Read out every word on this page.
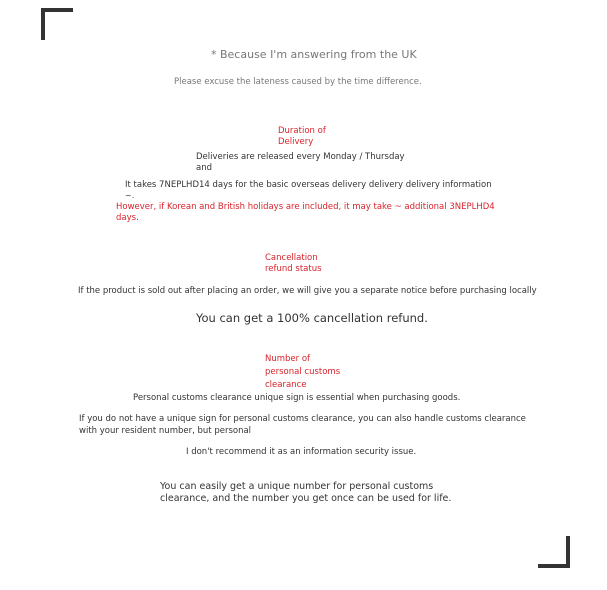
* Because I'm answering from the UK

Please excuse the lateness caused by the time difference.

Duration of

Delivery

Deliveries are released every Monday / Thursday

and

It takes 7NEPLHD14 days for the basic overseas delivery delivery delivery information

~.

However, if Korean and British holidays are included, it may take ~ additional 3NEPLHD4

days.

Cancellation

refund status

If the product is sold out after placing an order, we will give you a separate notice before purchasing locally

You can get a 100% cancellation refund.

Number of

personal customs

clearance

Personal customs clearance unique sign is essential when purchasing goods.

If you do not have a unique sign for personal customs clearance, you can also handle customs clearance

with your resident number, but personal

I don't recommend it as an information security issue.

You can easily get a unique number for personal customs

clearance, and the number you get once can be used for life.
